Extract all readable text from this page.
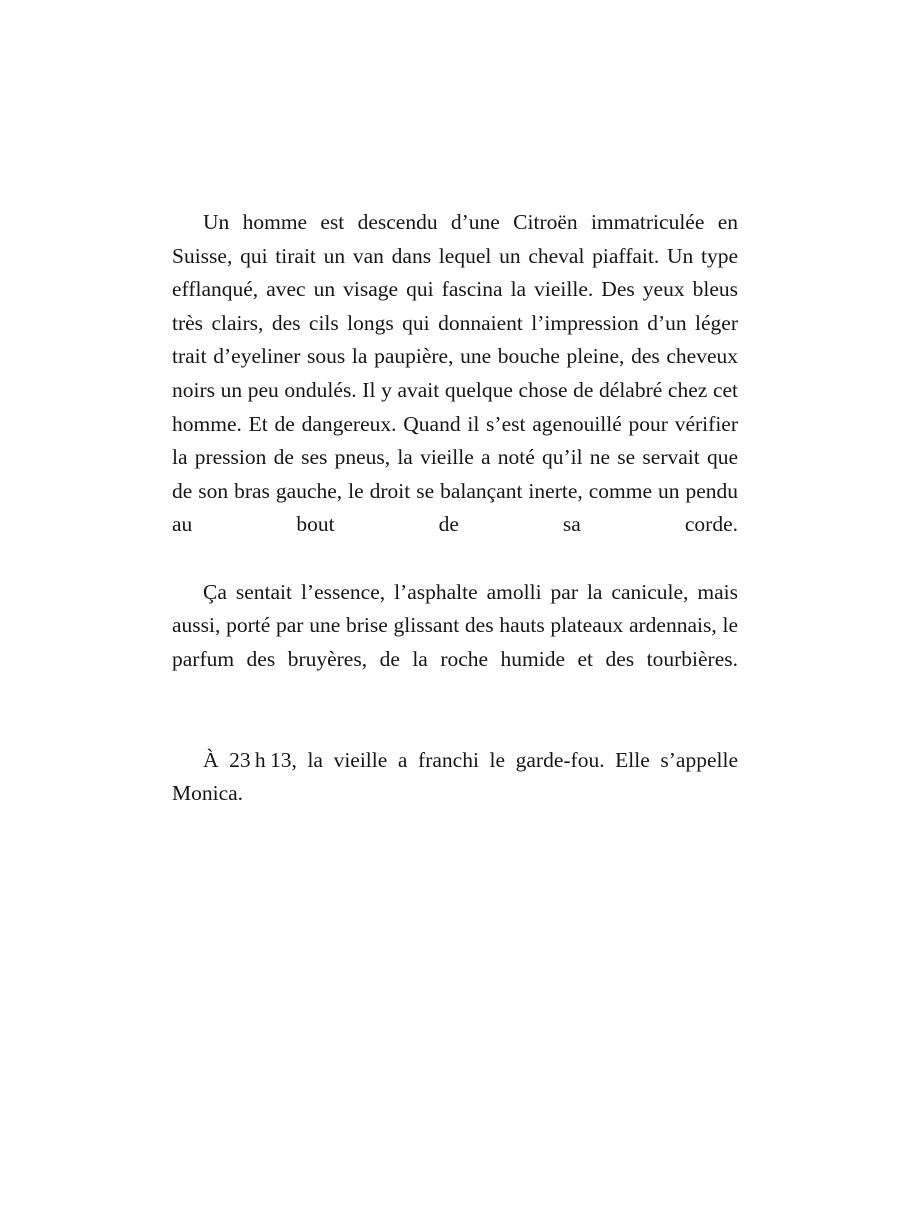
Un homme est descendu d’une Citroën immatriculée en Suisse, qui tirait un van dans lequel un cheval piaffait. Un type efflanqué, avec un visage qui fascina la vieille. Des yeux bleus très clairs, des cils longs qui donnaient l’impression d’un léger trait d’eyeliner sous la paupière, une bouche pleine, des cheveux noirs un peu ondulés. Il y avait quelque chose de délabré chez cet homme. Et de dangereux. Quand il s’est agenouillé pour vérifier la pression de ses pneus, la vieille a noté qu’il ne se servait que de son bras gauche, le droit se balançant inerte, comme un pendu au bout de sa corde.

Ça sentait l’essence, l’asphalte amolli par la canicule, mais aussi, porté par une brise glissant des hauts plateaux ardennais, le parfum des bruyères, de la roche humide et des tourbières.

À 23 h 13, la vieille a franchi le garde-fou. Elle s’appelle Monica.
